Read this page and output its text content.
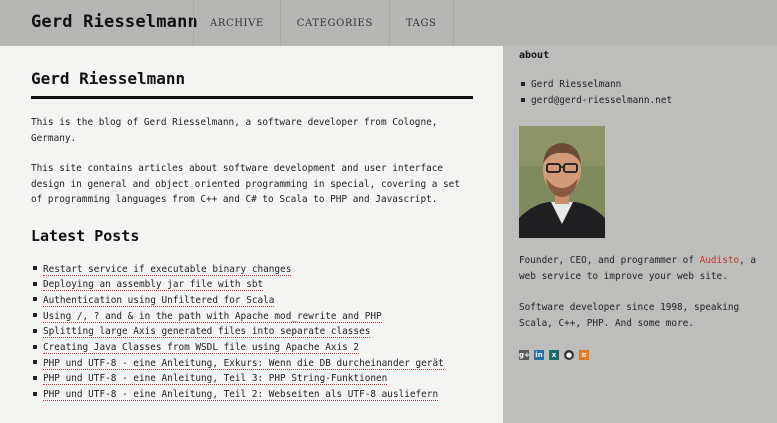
Gerd Riesselmann	ARCHIVE	CATEGORIES	TAGS
Gerd Riesselmann

This is the blog of Gerd Riesselmann, a software developer from Cologne, Germany.

This site contains articles about software development and user interface design in general and object oriented programming in special, covering a set of programming languages from C++ and C# to Scala to PHP and Javascript.

Latest Posts
Restart service if executable binary changes
Deploying an assembly jar file with sbt
Authentication using Unfiltered for Scala
Using /, ? and & in the path with Apache mod_rewrite and PHP
Splitting large Axis generated files into separate classes
Creating Java Classes from WSDL file using Apache Axis 2
PHP und UTF-8 - eine Anleitung, Exkurs: Wenn die DB durcheinander gerät
PHP und UTF-8 - eine Anleitung, Teil 3: PHP String-Funktionen
PHP und UTF-8 - eine Anleitung, Teil 2: Webseiten als UTF-8 ausliefern
about
Gerd Riesselmann
gerd@gerd-riesselmann.net

Founder, CEO, and programmer of Audisto, a web service to improve your web site.

Software developer since 1998, speaking Scala, C++, PHP. And some more.

g+ in	x	● ≋
